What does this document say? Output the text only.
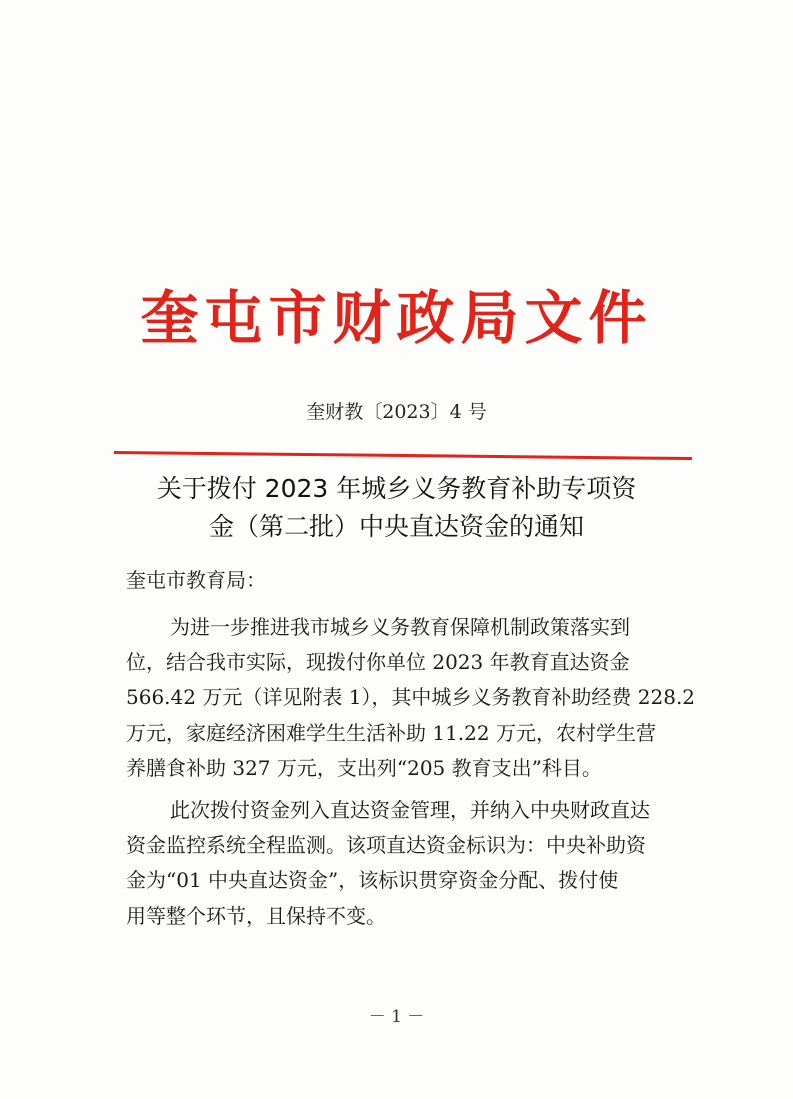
奎屯市财政局文件
奎财教〔2023〕4 号
关于拨付 2023 年城乡义务教育补助专项资
金（第二批）中央直达资金的通知
奎屯市教育局：
为进一步推进我市城乡义务教育保障机制政策落实到
位，结合我市实际，现拨付你单位 2023 年教育直达资金
566.42 万元（详见附表 1），其中城乡义务教育补助经费 228.2
万元，家庭经济困难学生生活补助 11.22 万元，农村学生营
养膳食补助 327 万元，支出列“205 教育支出”科目。
此次拨付资金列入直达资金管理，并纳入中央财政直达
资金监控系统全程监测。该项直达资金标识为：中央补助资
金为“01 中央直达资金”，该标识贯穿资金分配、拨付使
用等整个环节，且保持不变。
－ 1 －
